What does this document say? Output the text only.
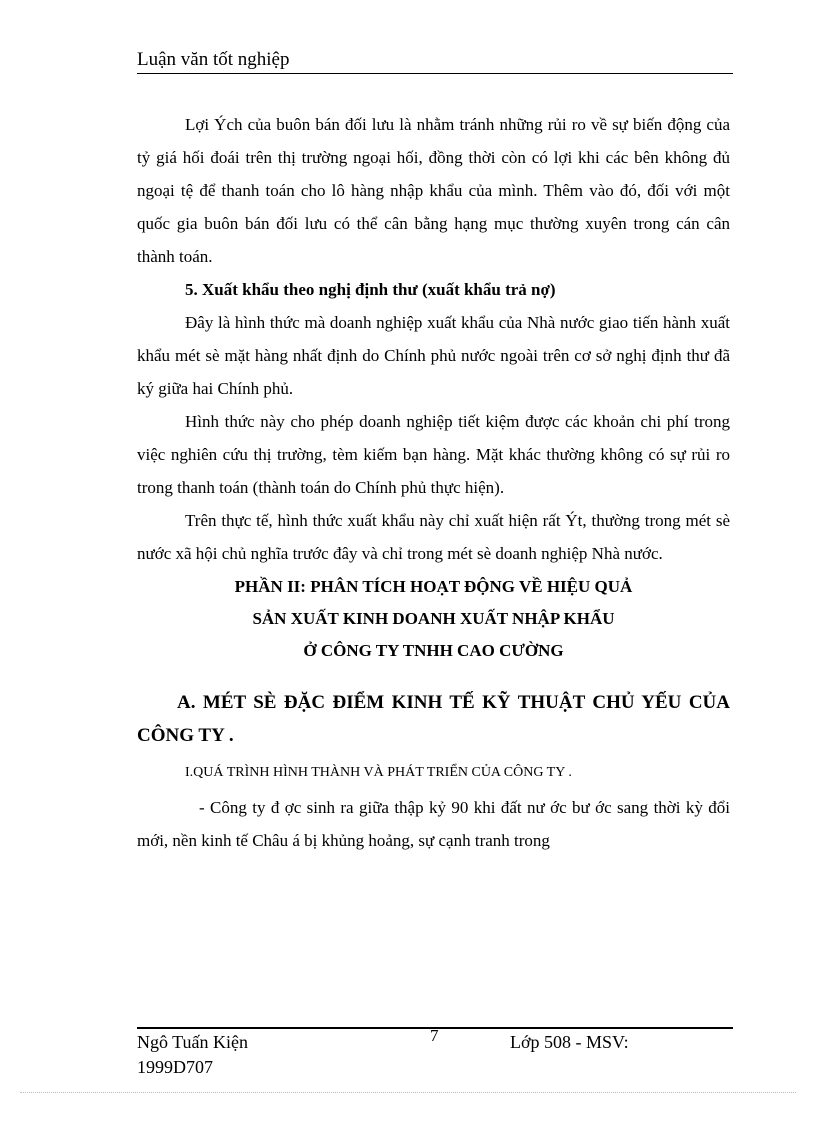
Luận văn tốt nghiệp

Lợi Ých của buôn bán đối lưu là nhằm tránh những rủi ro về sự biến động của tỷ giá hối đoái trên thị trường ngoại hối, đồng thời còn có lợi khi các bên không đủ ngoại tệ để thanh toán cho lô hàng nhập khẩu của mình. Thêm vào đó, đối với một quốc gia buôn bán đối lưu có thể cân bằng hạng mục thường xuyên trong cán cân thành toán.

5. Xuất khẩu theo nghị định thư (xuất khẩu trả nợ)

Đây là hình thức mà doanh nghiệp xuất khẩu của Nhà nước giao tiến hành xuất khẩu mét sè mặt hàng nhất định do Chính phủ nước ngoài trên cơ sở nghị định thư đã ký giữa hai Chính phủ.

Hình thức này cho phép doanh nghiệp tiết kiệm được các khoản chi phí trong việc nghiên cứu thị trường, tèm kiếm bạn hàng. Mặt khác thường không có sự rủi ro trong thanh toán (thành toán do Chính phủ thực hiện).

Trên thực tế, hình thức xuất khẩu này chỉ xuất hiện rất Ýt, thường trong mét sè nước xã hội chủ nghĩa trước đây và chỉ trong mét sè doanh nghiệp Nhà nước.

PHẦN II: PHÂN TÍCH HOẠT ĐỘNG VỀ HIỆU QUẢ

SẢN XUẤT KINH DOANH XUẤT NHẬP KHẨU

Ở CÔNG TY TNHH CAO CƯỜNG

A. MÉT SÈ ĐẶC ĐIỂM KINH TẾ KỸ THUẬT CHỦ YẾU CỦA CÔNG TY .

I.QUÁ TRÌNH HÌNH THÀNH VÀ PHÁT TRIỂN CỦA CÔNG TY .

- Công ty đ ợc sinh ra giữa thập kỷ 90 khi đất nư ớc bư ớc sang thời kỳ đổi mới, nền kinh tế Châu á bị khủng hoảng, sự cạnh tranh trong

Ngô Tuấn Kiện
1999D707
7	Lớp 508 - MSV:
